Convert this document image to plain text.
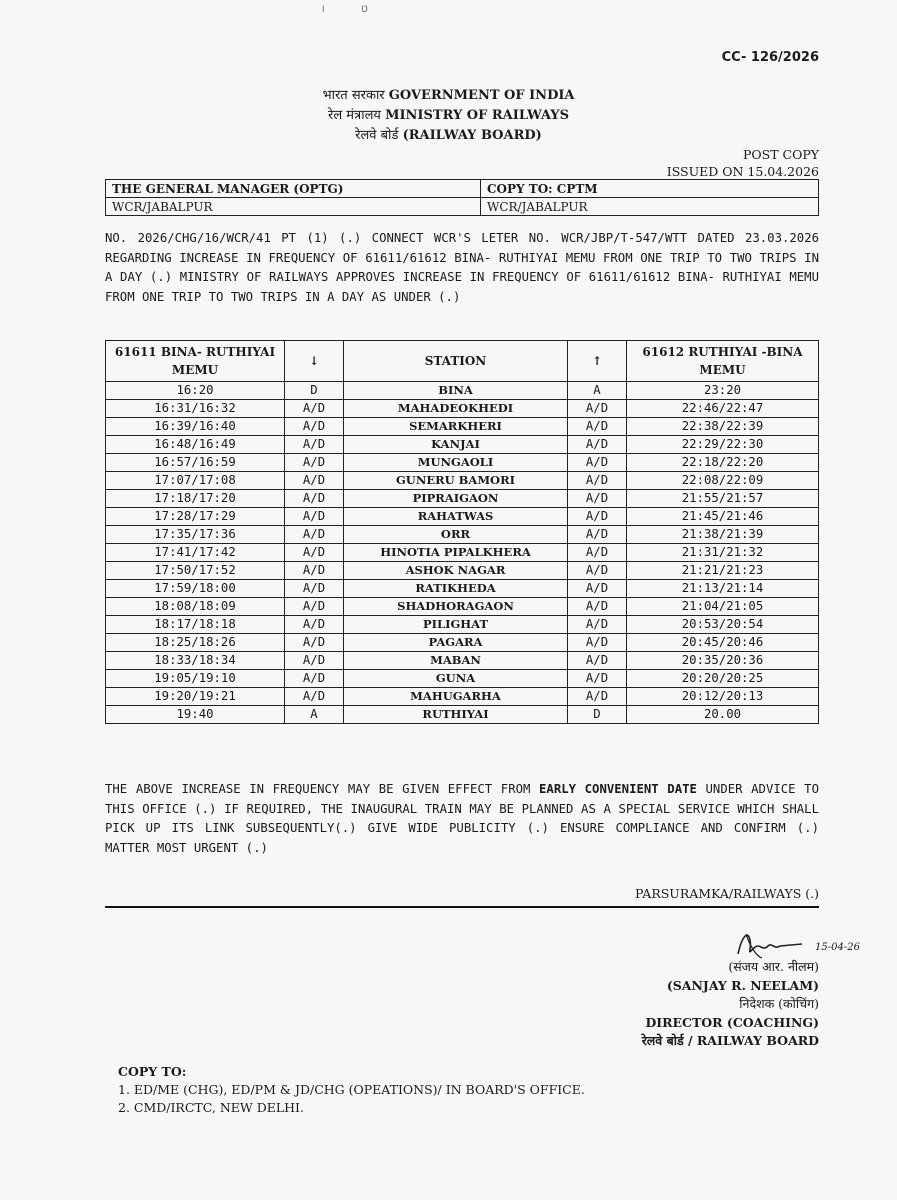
ט ו
CC- 126/2026
भारत सरकार GOVERNMENT OF INDIA
रेल मंत्रालय MINISTRY OF RAILWAYS
रेलवे बोर्ड (RAILWAY BOARD)
POST COPY
ISSUED ON 15.04.2026
THE GENERAL MANAGER (OPTG)	COPY TO: CPTM
WCR/JABALPUR	WCR/JABALPUR
NO. 2026/CHG/16/WCR/41 PT (1) (.) CONNECT WCR'S LETER NO. WCR/JBP/T-547/WTT DATED 23.03.2026 REGARDING INCREASE IN FREQUENCY OF 61611/61612 BINA- RUTHIYAI MEMU FROM ONE TRIP TO TWO TRIPS IN A DAY (.) MINISTRY OF RAILWAYS APPROVES INCREASE IN FREQUENCY OF 61611/61612 BINA- RUTHIYAI MEMU FROM ONE TRIP TO TWO TRIPS IN A DAY AS UNDER (.)
61611 BINA- RUTHIYAI MEMU	↓	STATION	↑	61612 RUTHIYAI -BINA MEMU
16:20	D	BINA	A	23:20
16:31/16:32	A/D	MAHADEOKHEDI	A/D	22:46/22:47
16:39/16:40	A/D	SEMARKHERI	A/D	22:38/22:39
16:48/16:49	A/D	KANJAI	A/D	22:29/22:30
16:57/16:59	A/D	MUNGAOLI	A/D	22:18/22:20
17:07/17:08	A/D	GUNERU BAMORI	A/D	22:08/22:09
17:18/17:20	A/D	PIPRAIGAON	A/D	21:55/21:57
17:28/17:29	A/D	RAHATWAS	A/D	21:45/21:46
17:35/17:36	A/D	ORR	A/D	21:38/21:39
17:41/17:42	A/D	HINOTIA PIPALKHERA	A/D	21:31/21:32
17:50/17:52	A/D	ASHOK NAGAR	A/D	21:21/21:23
17:59/18:00	A/D	RATIKHEDA	A/D	21:13/21:14
18:08/18:09	A/D	SHADHORAGAON	A/D	21:04/21:05
18:17/18:18	A/D	PILIGHAT	A/D	20:53/20:54
18:25/18:26	A/D	PAGARA	A/D	20:45/20:46
18:33/18:34	A/D	MABAN	A/D	20:35/20:36
19:05/19:10	A/D	GUNA	A/D	20:20/20:25
19:20/19:21	A/D	MAHUGARHA	A/D	20:12/20:13
19:40	A	RUTHIYAI	D	20.00
THE ABOVE INCREASE IN FREQUENCY MAY BE GIVEN EFFECT FROM EARLY CONVENIENT DATE UNDER ADVICE TO THIS OFFICE (.) IF REQUIRED, THE INAUGURAL TRAIN MAY BE PLANNED AS A SPECIAL SERVICE WHICH SHALL PICK UP ITS LINK SUBSEQUENTLY(.) GIVE WIDE PUBLICITY (.) ENSURE COMPLIANCE AND CONFIRM (.) MATTER MOST URGENT (.)
PARSURAMKA/RAILWAYS (.)
15-04-26
(संजय आर. नीलम)
(SANJAY R. NEELAM)
निदेशक (कोचिंग)
DIRECTOR (COACHING)
रेलवे बोर्ड / RAILWAY BOARD
COPY TO:
1. ED/ME (CHG), ED/PM & JD/CHG (OPEATIONS)/ IN BOARD'S OFFICE.
2. CMD/IRCTC, NEW DELHI.
